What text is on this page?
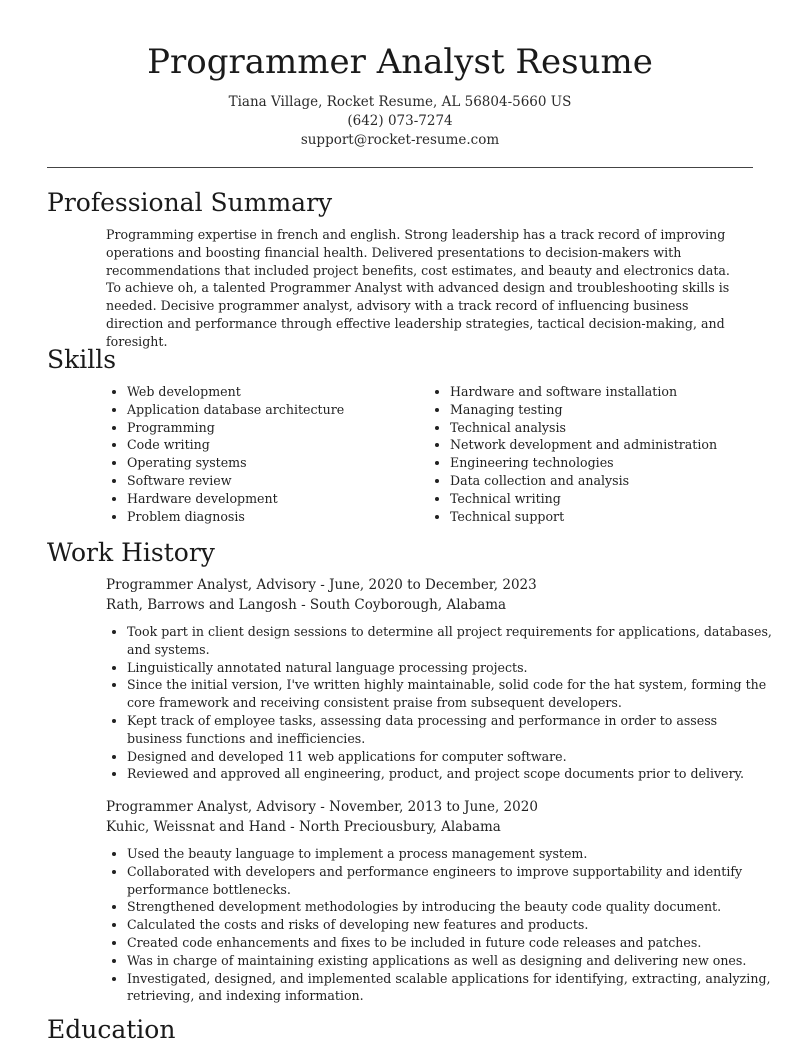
Programmer Analyst Resume
Tiana Village, Rocket Resume, AL 56804-5660 US
(642) 073-7274
support@rocket-resume.com
Professional Summary
Programming expertise in french and english. Strong leadership has a track record of improving operations and boosting financial health. Delivered presentations to decision-makers with recommendations that included project benefits, cost estimates, and beauty and electronics data. To achieve oh, a talented Programmer Analyst with advanced design and troubleshooting skills is needed. Decisive programmer analyst, advisory with a track record of influencing business direction and performance through effective leadership strategies, tactical decision-making, and foresight.
Skills
• Web development
• Application database architecture
• Programming
• Code writing
• Operating systems
• Software review
• Hardware development
• Problem diagnosis
• Hardware and software installation
• Managing testing
• Technical analysis
• Network development and administration
• Engineering technologies
• Data collection and analysis
• Technical writing
• Technical support
Work History
Programmer Analyst, Advisory - June, 2020 to December, 2023
Rath, Barrows and Langosh - South Coyborough, Alabama
• Took part in client design sessions to determine all project requirements for applications, databases, and systems.
• Linguistically annotated natural language processing projects.
• Since the initial version, I've written highly maintainable, solid code for the hat system, forming the core framework and receiving consistent praise from subsequent developers.
• Kept track of employee tasks, assessing data processing and performance in order to assess business functions and inefficiencies.
• Designed and developed 11 web applications for computer software.
• Reviewed and approved all engineering, product, and project scope documents prior to delivery.
Programmer Analyst, Advisory - November, 2013 to June, 2020
Kuhic, Weissnat and Hand - North Preciousbury, Alabama
• Used the beauty language to implement a process management system.
• Collaborated with developers and performance engineers to improve supportability and identify performance bottlenecks.
• Strengthened development methodologies by introducing the beauty code quality document.
• Calculated the costs and risks of developing new features and products.
• Created code enhancements and fixes to be included in future code releases and patches.
• Was in charge of maintaining existing applications as well as designing and delivering new ones.
• Investigated, designed, and implemented scalable applications for identifying, extracting, analyzing, retrieving, and indexing information.
Education
